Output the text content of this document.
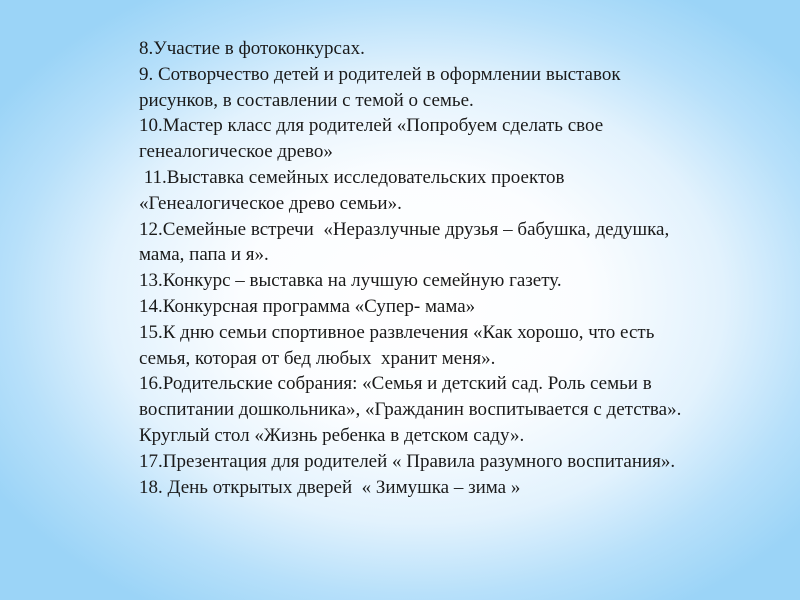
8.Участие в фотоконкурсах.
9. Сотворчество детей и родителей в оформлении выставок
рисунков, в составлении с темой о семье.
10.Мастер класс для родителей «Попробуем сделать свое
генеалогическое древо»
11.Выставка семейных исследовательских проектов
«Генеалогическое древо семьи».
12.Семейные встречи  «Неразлучные друзья – бабушка, дедушка,
мама, папа и я».
13.Конкурс – выставка на лучшую семейную газету.
14.Конкурсная программа «Супер- мама»
15.К дню семьи спортивное развлечения «Как хорошо, что есть
семья, которая от бед любых  хранит меня».
16.Родительские собрания: «Семья и детский сад. Роль семьи в
воспитании дошкольника», «Гражданин воспитывается с детства».
Круглый стол «Жизнь ребенка в детском саду».
17.Презентация для родителей « Правила разумного воспитания».
18. День открытых дверей  « Зимушка – зима »
